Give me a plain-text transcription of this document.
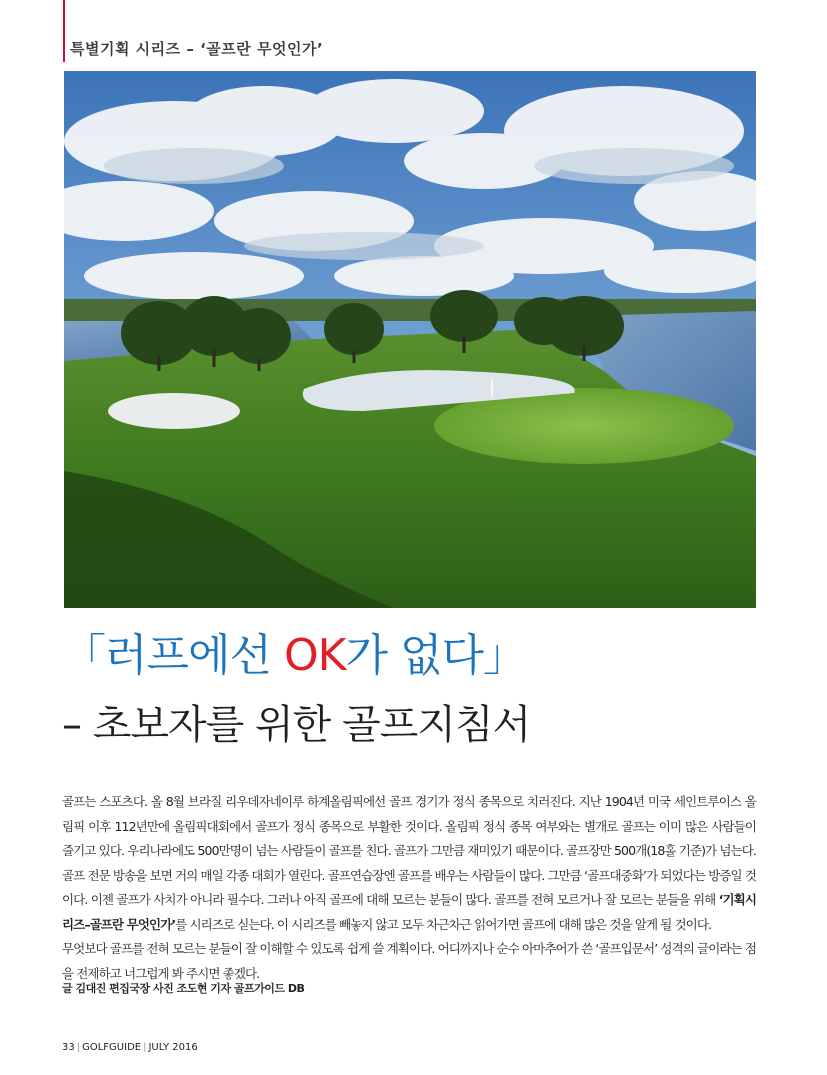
특별기획 시리즈 – ‘골프란 무엇인가’
「러프에선 OK가 없다」
– 초보자를 위한 골프지침서

골프는 스포츠다. 올 8월 브라질 리우데자네이루 하계올림픽에선 골프 경기가 정식 종목으로 치러진다. 지난 1904년 미국 세인트루이스 올림픽 이후 112년만에 올림픽대회에서 골프가 정식 종목으로 부활한 것이다. 올림픽 정식 종목 여부와는 별개로 골프는 이미 많은 사람들이 즐기고 있다. 우리나라에도 500만명이 넘는 사람들이 골프를 친다. 골프가 그만큼 재미있기 때문이다. 골프장만 500개(18홀 기준)가 넘는다. 골프 전문 방송을 보면 거의 매일 각종 대회가 열린다. 골프연습장엔 골프를 배우는 사람들이 많다. 그만큼 ‘골프대중화’가 되었다는 방증일 것이다. 이젠 골프가 사치가 아니라 필수다. 그러나 아직 골프에 대해 모르는 분들이 많다. 골프를 전혀 모르거나 잘 모르는 분들을 위해 ‘기획시리즈–골프란 무엇인가’를 시리즈로 싣는다. 이 시리즈를 빼놓지 않고 모두 차근차근 읽어가면 골프에 대해 많은 것을 알게 될 것이다.

무엇보다 골프를 전혀 모르는 분들이 잘 이해할 수 있도록 쉽게 쓸 계획이다. 어디까지나 순수 아마추어가 쓴 ‘골프입문서’ 성격의 글이라는 점을 전제하고 너그럽게 봐 주시면 좋겠다.

글 김대진 편집국장 사진 조도현 기자 골프가이드 DB
33 | GOLFGUIDE | JULY 2016
